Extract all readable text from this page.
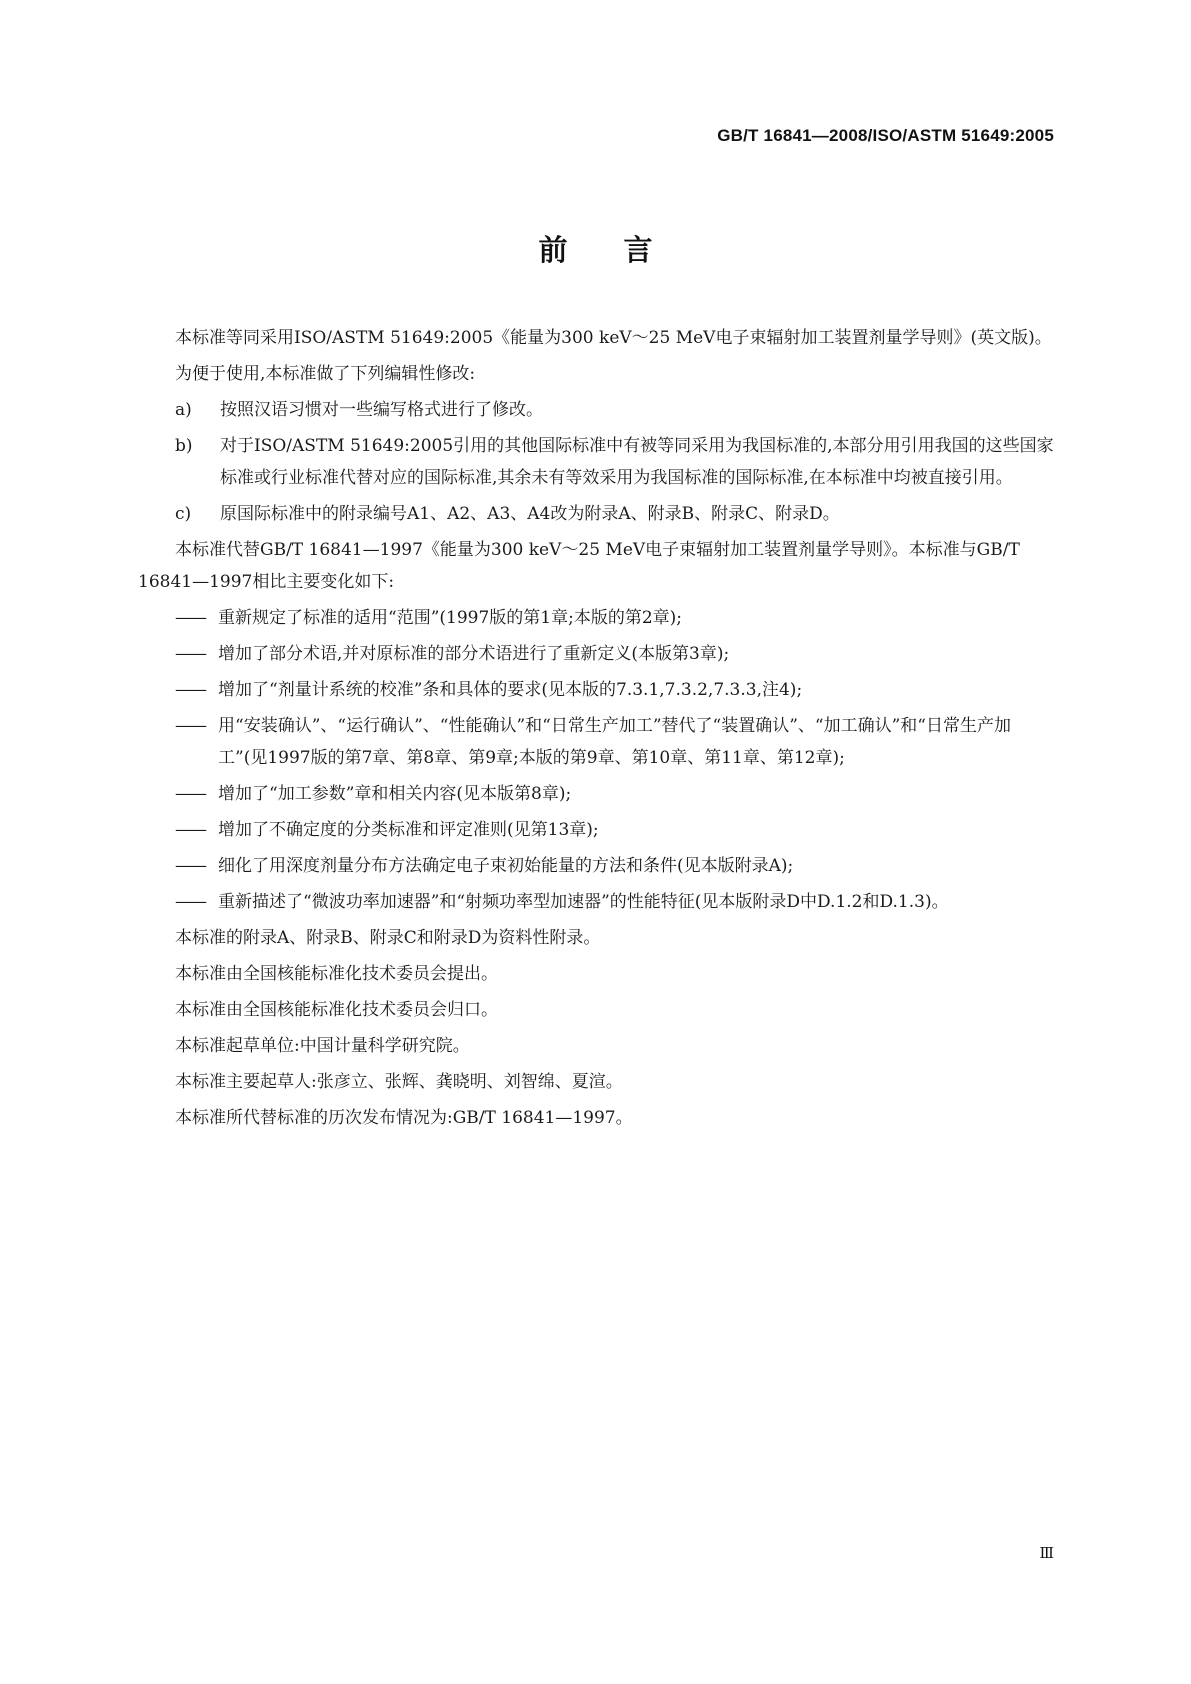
GB/T 16841—2008/ISO/ASTM 51649:2005
前言

本标准等同采用ISO/ASTM 51649:2005《能量为300 keV～25 MeV电子束辐射加工装置剂量学导则》(英文版)。

为便于使用,本标准做了下列编辑性修改:

a)	按照汉语习惯对一些编写格式进行了修改。
b)	对于ISO/ASTM 51649:2005引用的其他国际标准中有被等同采用为我国标准的,本部分用引用我国的这些国家标准或行业标准代替对应的国际标准,其余未有等效采用为我国标准的国际标准,在本标准中均被直接引用。
c)	原国际标准中的附录编号A1、A2、A3、A4改为附录A、附录B、附录C、附录D。

本标准代替GB/T 16841—1997《能量为300 keV～25 MeV电子束辐射加工装置剂量学导则》。本标准与GB/T 16841—1997相比主要变化如下:

—— 重新规定了标准的适用“范围”(1997版的第1章;本版的第2章);
—— 增加了部分术语,并对原标准的部分术语进行了重新定义(本版第3章);
—— 增加了“剂量计系统的校准”条和具体的要求(见本版的7.3.1,7.3.2,7.3.3,注4);
—— 用“安装确认”、“运行确认”、“性能确认”和“日常生产加工”替代了“装置确认”、“加工确认”和“日常生产加工”(见1997版的第7章、第8章、第9章;本版的第9章、第10章、第11章、第12章);
—— 增加了“加工参数”章和相关内容(见本版第8章);
—— 增加了不确定度的分类标准和评定准则(见第13章);
—— 细化了用深度剂量分布方法确定电子束初始能量的方法和条件(见本版附录A);
—— 重新描述了“微波功率加速器”和“射频功率型加速器”的性能特征(见本版附录D中D.1.2和D.1.3)。

本标准的附录A、附录B、附录C和附录D为资料性附录。

本标准由全国核能标准化技术委员会提出。

本标准由全国核能标准化技术委员会归口。

本标准起草单位:中国计量科学研究院。

本标准主要起草人:张彦立、张辉、龚晓明、刘智绵、夏渲。

本标准所代替标准的历次发布情况为:GB/T 16841—1997。

Ⅲ
